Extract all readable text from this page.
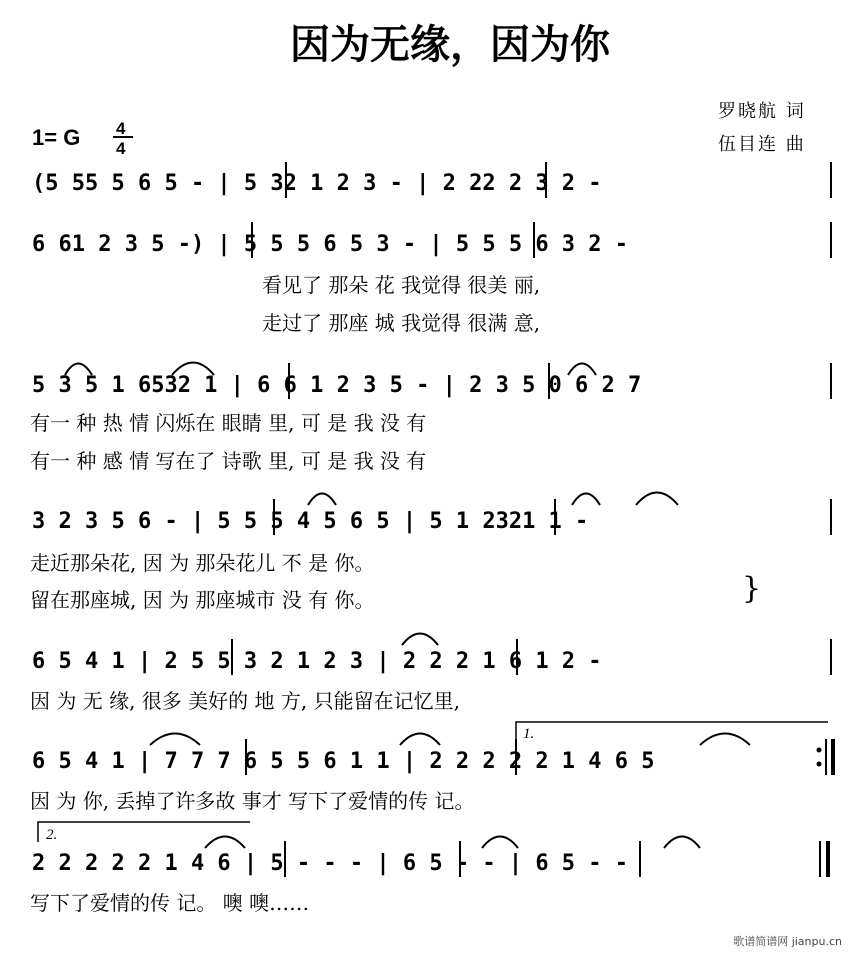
因为无缘，因为你
罗晓航 词
伍目连 曲
1= G 4
4
(5 55 5 6 5 - | 5 32 1 2 3 - | 2 22 2 3 2 -
6 61 2 3 5 -) | 5 5 5 6 5 3 - | 5 5 5 6 3 2 -
看见了 那朵 花 我觉得 很美 丽,
走过了 那座 城 我觉得 很满 意,
5 3 5 1 6532 1 | 6 6 1 2 3 5 - | 2 3 5 0 6 2 7
有一 种 热 情 闪烁在 眼睛 里, 可 是 我 没 有
有一 种 感 情 写在了 诗歌 里, 可 是 我 没 有
3 2 3 5 6 - | 5 5 5 4 5 6 5 | 5 1 2321 1 -
走近那朵花, 因 为 那朵花儿 不 是 你。
留在那座城, 因 为 那座城市 没 有 你。	}
6 5 4 1 | 2 5 5 3 2 1 2 3 | 2 2 2 1 6 1 2 -
因 为 无 缘, 很多 美好的 地 方, 只能留在记忆里,
1.
6 5 4 1 | 7 7 7 6 5 5 6 1 1 | 2 2 2 2 2 1 4 6 5
因 为 你, 丢掉了许多故 事才 写下了爱情的传 记。
2.
2 2 2 2 2 1 4 6 | 5 - - - | 6 5 - - | 6 5 - -
写下了爱情的传 记。 噢 噢……
歌谱简谱网 jianpu.cn
